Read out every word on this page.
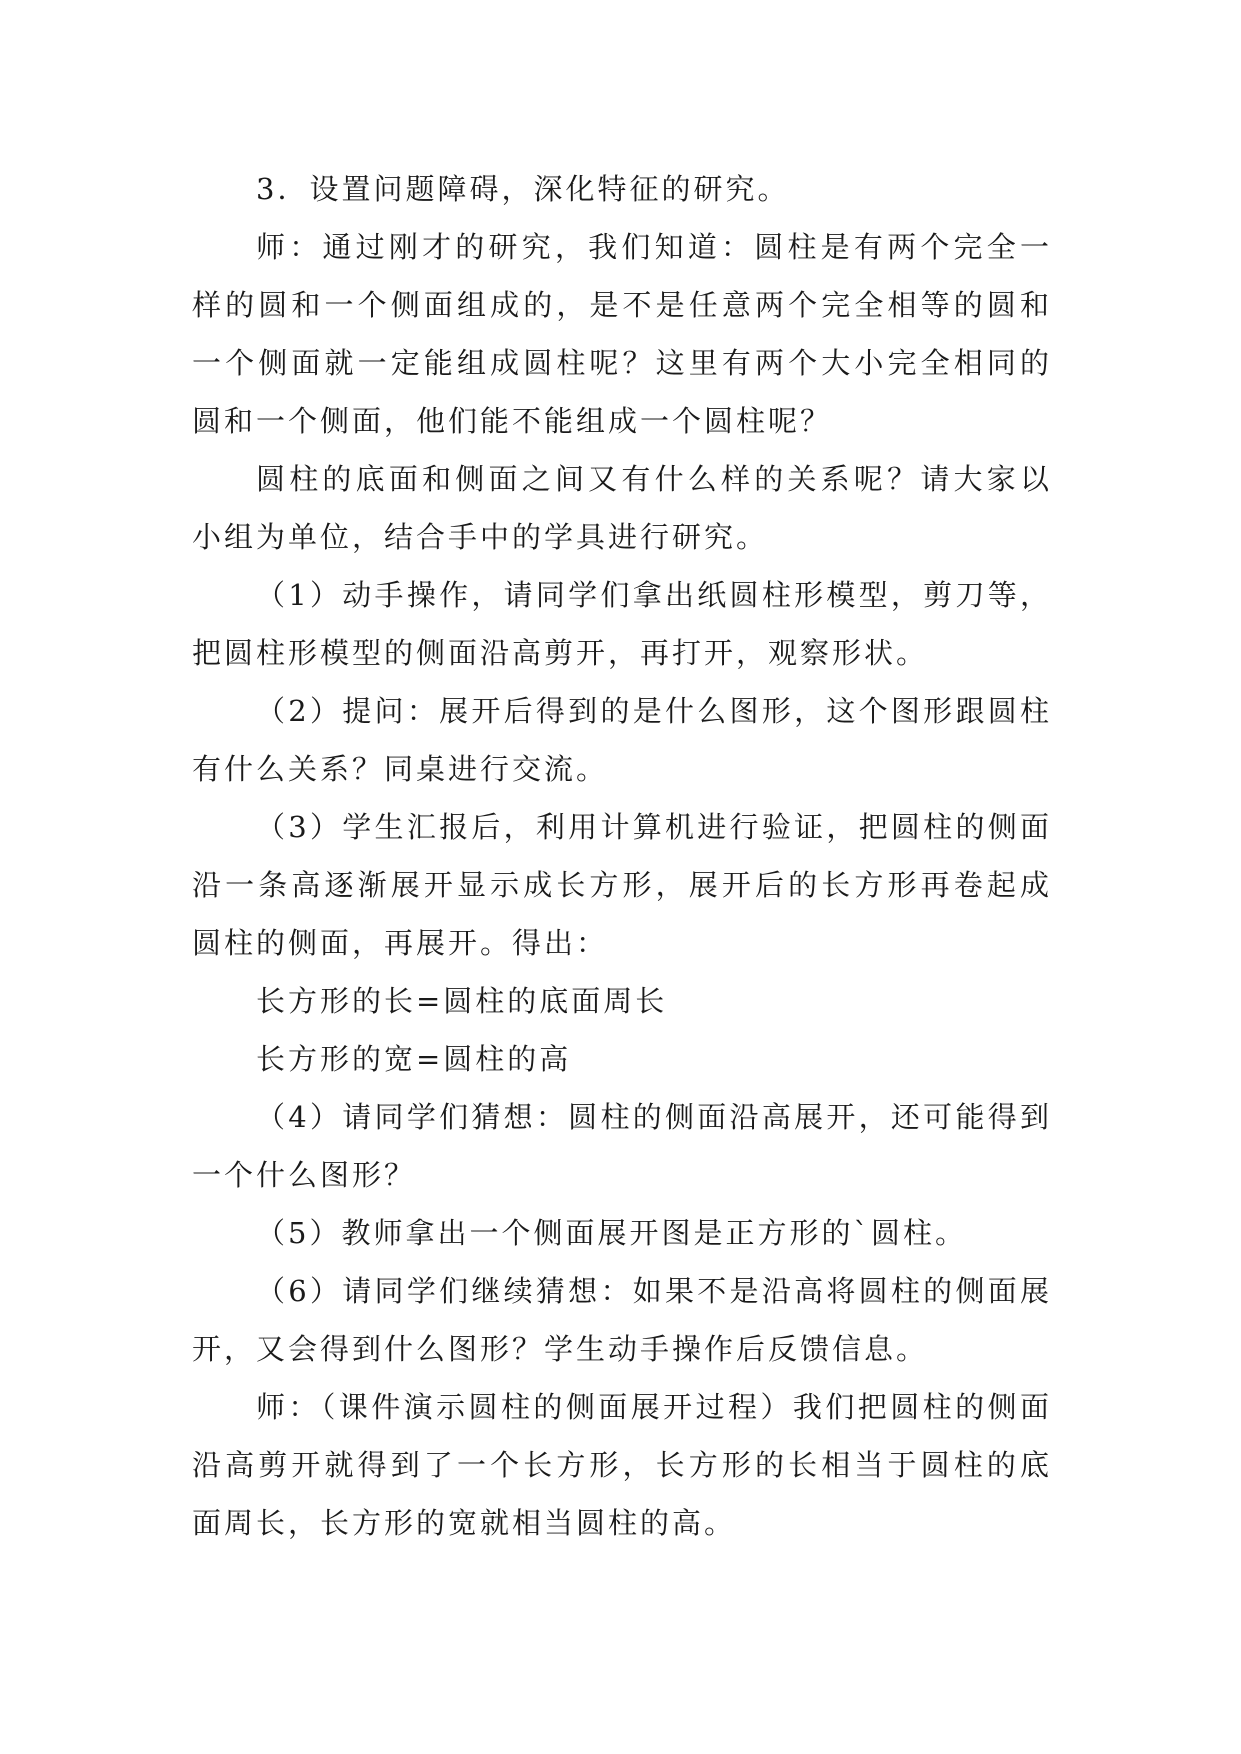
3．设置问题障碍，深化特征的研究。

师：通过刚才的研究，我们知道：圆柱是有两个完全一样的圆和一个侧面组成的，是不是任意两个完全相等的圆和一个侧面就一定能组成圆柱呢？这里有两个大小完全相同的圆和一个侧面，他们能不能组成一个圆柱呢？

圆柱的底面和侧面之间又有什么样的关系呢？请大家以小组为单位，结合手中的学具进行研究。

（1）动手操作，请同学们拿出纸圆柱形模型，剪刀等，把圆柱形模型的侧面沿高剪开，再打开，观察形状。

（2）提问：展开后得到的是什么图形，这个图形跟圆柱有什么关系？同桌进行交流。

（3）学生汇报后，利用计算机进行验证，把圆柱的侧面沿一条高逐渐展开显示成长方形，展开后的长方形再卷起成圆柱的侧面，再展开。得出：

长方形的长=圆柱的底面周长

长方形的宽=圆柱的高

（4）请同学们猜想：圆柱的侧面沿高展开，还可能得到一个什么图形？

（5）教师拿出一个侧面展开图是正方形的`圆柱。

（6）请同学们继续猜想：如果不是沿高将圆柱的侧面展开，又会得到什么图形？学生动手操作后反馈信息。

师：（课件演示圆柱的侧面展开过程）我们把圆柱的侧面沿高剪开就得到了一个长方形，长方形的长相当于圆柱的底面周长，长方形的宽就相当圆柱的高。
